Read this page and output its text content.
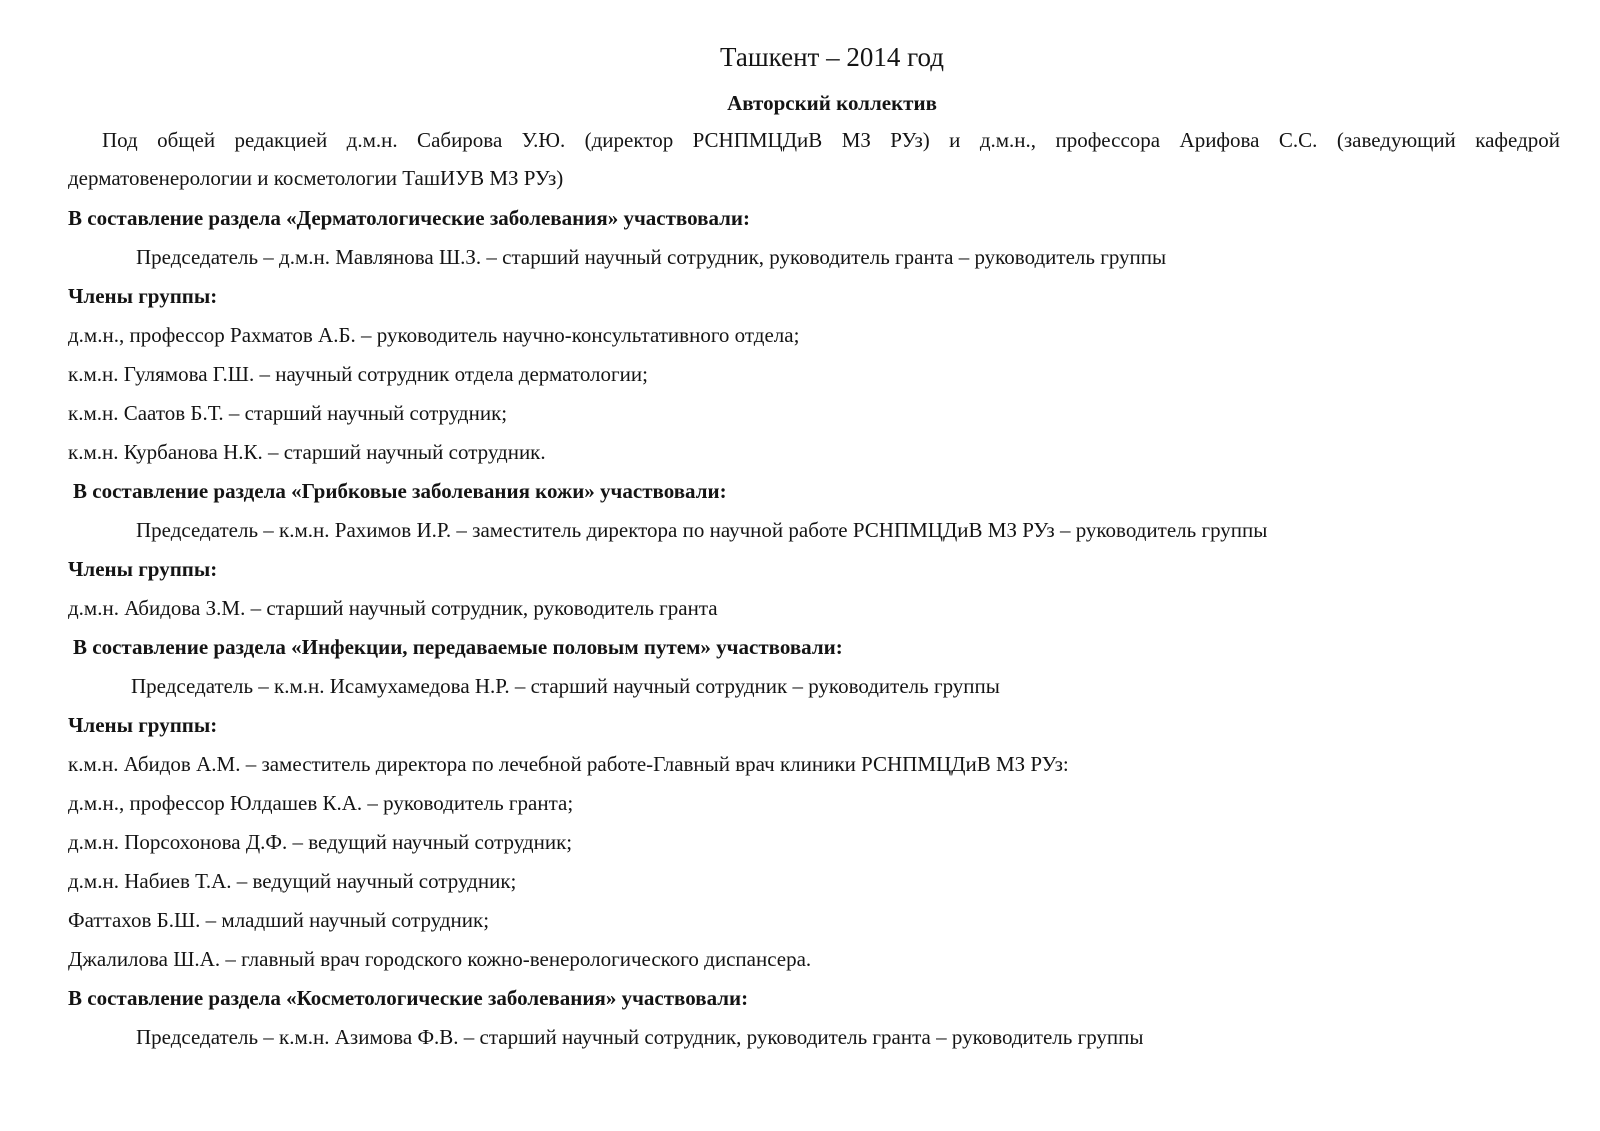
Ташкент – 2014 год
Авторский коллектив
Под общей редакцией д.м.н. Сабирова У.Ю. (директор РСНПМЦДиВ МЗ РУз) и д.м.н., профессора Арифова С.С. (заведующий кафедрой
дерматовенерологии и косметологии ТашИУВ МЗ РУз)
В составление раздела «Дерматологические заболевания» участвовали:
Председатель – д.м.н. Мавлянова Ш.З. – старший научный сотрудник, руководитель гранта – руководитель группы
Члены группы:
д.м.н., профессор Рахматов А.Б. – руководитель научно-консультативного отдела;
к.м.н. Гулямова Г.Ш. – научный сотрудник отдела дерматологии;
к.м.н. Саатов Б.Т. – старший научный сотрудник;
к.м.н. Курбанова Н.К. – старший научный сотрудник.
В составление раздела «Грибковые заболевания кожи» участвовали:
Председатель – к.м.н. Рахимов И.Р. – заместитель директора по научной работе РСНПМЦДиВ МЗ РУз – руководитель группы
Члены группы:
д.м.н. Абидова З.М. – старший научный сотрудник, руководитель гранта
В составление раздела «Инфекции, передаваемые половым путем» участвовали:
Председатель – к.м.н. Исамухамедова Н.Р. – старший научный сотрудник – руководитель группы
Члены группы:
к.м.н. Абидов А.М. – заместитель директора по лечебной работе-Главный врач клиники РСНПМЦДиВ МЗ РУз:
д.м.н., профессор Юлдашев К.А. – руководитель гранта;
д.м.н. Порсохонова Д.Ф. – ведущий научный сотрудник;
д.м.н. Набиев Т.А. – ведущий научный сотрудник;
Фаттахов Б.Ш. – младший научный сотрудник;
Джалилова Ш.А. – главный врач городского кожно-венерологического диспансера.
В составление раздела «Косметологические заболевания» участвовали:
Председатель – к.м.н. Азимова Ф.В. – старший научный сотрудник, руководитель гранта – руководитель группы
